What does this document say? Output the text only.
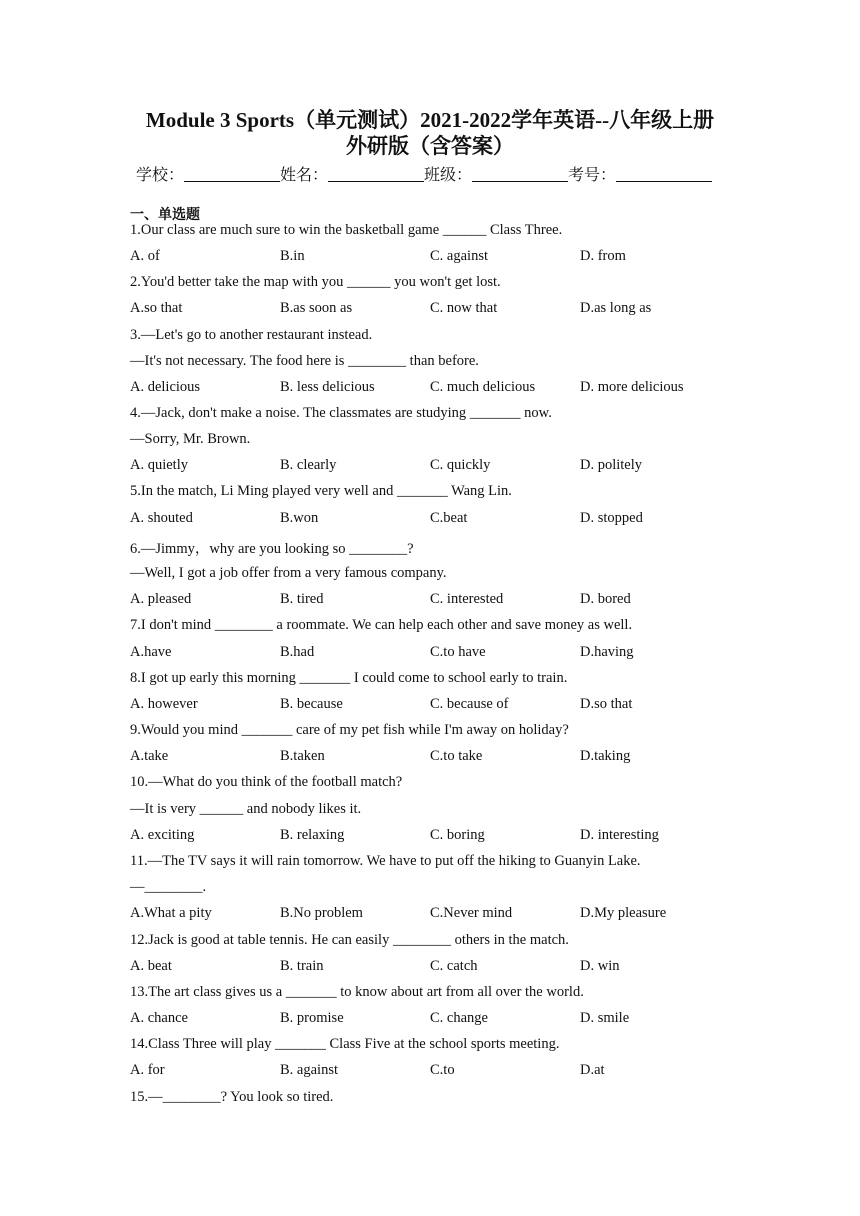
Module 3 Sports（单元测试）2021-2022学年英语--八年级上册
外研版（含答案）
学校：	姓名：	班级：	考号：
一、单选题
1.Our class are much sure to win the basketball game ______ Class Three.
A. of	B.in	C. against	D. from
2.You'd better take the map with you ______ you won't get lost.
A.so that	B.as soon as	C. now that	D.as long as
3.—Let's go to another restaurant instead.
—It's not necessary. The food here is ________ than before.
A. delicious	B. less delicious	C. much delicious	D. more delicious
4.—Jack, don't make a noise. The classmates are studying _______ now.
—Sorry, Mr. Brown.
A. quietly	B. clearly	C. quickly	D. politely
5.In the match, Li Ming played very well and _______ Wang Lin.
A. shouted	B.won	C.beat	D. stopped
6.—Jimmy，why are you looking so ________?
—Well, I got a job offer from a very famous company.
A. pleased	B. tired	C. interested	D. bored
7.I don't mind ________ a roommate. We can help each other and save money as well.
A.have	B.had	C.to have	D.having
8.I got up early this morning _______ I could come to school early to train.
A. however	B. because	C. because of	D.so that
9.Would you mind _______ care of my pet fish while I'm away on holiday?
A.take	B.taken	C.to take	D.taking
10.—What do you think of the football match?
—It is very ______ and nobody likes it.
A. exciting	B. relaxing	C. boring	D. interesting
11.—The TV says it will rain tomorrow. We have to put off the hiking to Guanyin Lake.
—________.
A.What a pity	B.No problem	C.Never mind	D.My pleasure
12.Jack is good at table tennis. He can easily ________ others in the match.
A. beat	B. train	C. catch	D. win
13.The art class gives us a _______ to know about art from all over the world.
A. chance	B. promise	C. change	D. smile
14.Class Three will play _______ Class Five at the school sports meeting.
A. for	B. against	C.to	D.at
15.—________? You look so tired.
